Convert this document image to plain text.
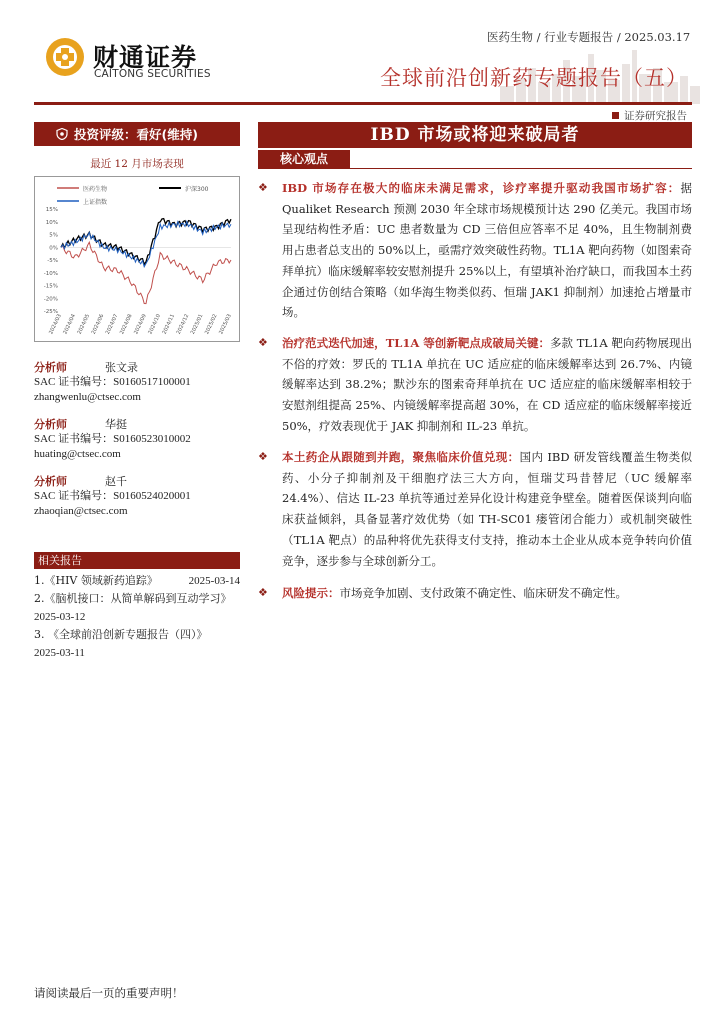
医药生物 / 行业专题报告 / 2025.03.17
财通证券
CAITONG SECURITIES	全球前沿创新药专题报告（五）
证券研究报告
投资评级：看好(维持)
最近 12 月市场表现
医药生物	沪深300
上证指数
15%
10%
5%
0%
-5%
-10%
-15%
-20%
-25%
2024/03 2024/04 2024/05 2024/06 2024/07 2024/08 2024/09 2024/10 2024/11 2024/12 2025/01 2025/02 2025/03
分析师	张文录
SAC 证书编号：S0160517100001
zhangwenlu@ctsec.com
分析师	华挺
SAC 证书编号：S0160523010002
huating@ctsec.com
分析师	赵千
SAC 证书编号：S0160524020001
zhaoqian@ctsec.com
相关报告
1.《HIV 领域新药追踪》	2025-03-14
2.《脑机接口：从简单解码到互动学习》
2025-03-12
3. 《全球前沿创新专题报告（四）》
2025-03-11
IBD 市场或将迎来破局者
核心观点
❖ IBD 市场存在极大的临床未满足需求，诊疗率提升驱动我国市场扩容：据 Qualiket Research 预测 2030 年全球市场规模预计达 290 亿美元。我国市场呈现结构性矛盾：UC 患者数量为 CD 三倍但应答率不足 40%，且生物制剂费用占患者总支出的 50%以上，亟需疗效突破性药物。TL1A 靶向药物（如图索奇拜单抗）临床缓解率较安慰剂提升 25%以上，有望填补治疗缺口，而我国本土药企通过仿创结合策略（如华海生物类似药、恒瑞 JAK1 抑制剂）加速抢占增量市场。
❖ 治疗范式迭代加速，TL1A 等创新靶点成破局关键：多款 TL1A 靶向药物展现出不俗的疗效：罗氏的 TL1A 单抗在 UC 适应症的临床缓解率达到 26.7%、内镜缓解率达到 38.2%；默沙东的图索奇拜单抗在 UC 适应症的临床缓解率相较于安慰剂组提高 25%、内镜缓解率提高超 30%，在 CD 适应症的临床缓解率接近 50%，疗效表现优于 JAK 抑制剂和 IL-23 单抗。
❖ 本土药企从跟随到并跑，聚焦临床价值兑现：国内 IBD 研发管线覆盖生物类似药、小分子抑制剂及干细胞疗法三大方向，恒瑞艾玛昔替尼（UC 缓解率 24.4%）、信达 IL-23 单抗等通过差异化设计构建竞争壁垒。随着医保谈判向临床获益倾斜，具备显著疗效优势（如 TH-SC01 瘘管闭合能力）或机制突破性（TL1A 靶点）的品种将优先获得支付支持，推动本土企业从成本竞争转向价值竞争，逐步参与全球创新分工。
❖ 风险提示：市场竞争加剧、支付政策不确定性、临床研发不确定性。
请阅读最后一页的重要声明！
